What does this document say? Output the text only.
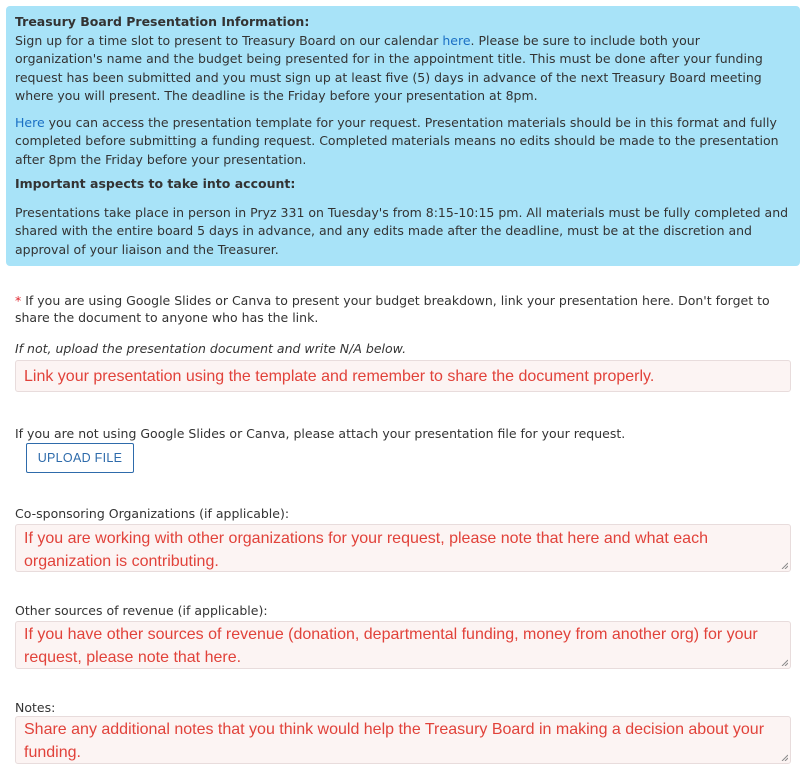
Treasury Board Presentation Information:

Sign up for a time slot to present to Treasury Board on our calendar here. Please be sure to include both your organization's name and the budget being presented for in the appointment title. This must be done after your funding request has been submitted and you must sign up at least five (5) days in advance of the next Treasury Board meeting where you will present. The deadline is the Friday before your presentation at 8pm.

Here you can access the presentation template for your request. Presentation materials should be in this format and fully completed before submitting a funding request. Completed materials means no edits should be made to the presentation after 8pm the Friday before your presentation.

Important aspects to take into account:

Presentations take place in person in Pryz 331 on Tuesday's from 8:15-10:15 pm. All materials must be fully completed and shared with the entire board 5 days in advance, and any edits made after the deadline, must be at the discretion and approval of your liaison and the Treasurer.

* If you are using Google Slides or Canva to present your budget breakdown, link your presentation here. Don't forget to share the document to anyone who has the link.
If not, upload the presentation document and write N/A below.
Link your presentation using the template and remember to share the document properly.
If you are not using Google Slides or Canva, please attach your presentation file for your request.
UPLOAD FILE
Co-sponsoring Organizations (if applicable):
If you are working with other organizations for your request, please note that here and what each organization is contributing.
Other sources of revenue (if applicable):
If you have other sources of revenue (donation, departmental funding, money from another org) for your request, please note that here.
Notes:
Share any additional notes that you think would help the Treasury Board in making a decision about your funding.
